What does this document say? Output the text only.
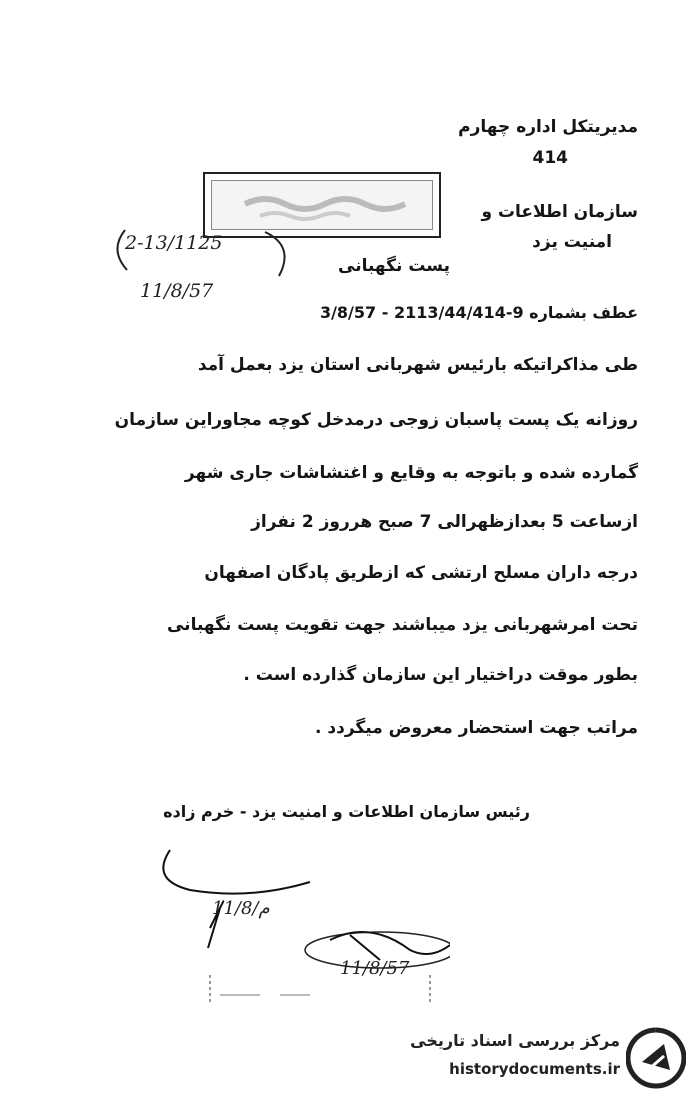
مدیریتکل اداره چهارم
414
سازمان اطلاعات و
امنیت یزد
2-13/1125
11/8/57
پست نگهبانی
عطف بشماره 9-2113/44/414 - 3/8/57
طی مذاکراتیکه بارئیس شهربانی استان یزد بعمل آمد
روزانه یک پست پاسبان زوجی درمدخل کوچه مجاوراین سازمان
گمارده شده و باتوجه به وقایع و اغتشاشات جاری شهر
ازساعت 5 بعدازظهرالی 7 صبح هرروز 2 نفراز
درجه داران مسلح ارتشی که ازطریق پادگان اصفهان
تحت امرشهربانی یزد میباشند جهت تقویت پست نگهبانی
بطور موقت دراختیار این سازمان گذارده است .
مراتب جهت استحضار معروض میگردد .
رئیس سازمان اطلاعات و امنیت یزد - خرم زاده
11/8/م
11/8/57
مرکز بررسی اسناد تاریخی
historydocuments.ir
